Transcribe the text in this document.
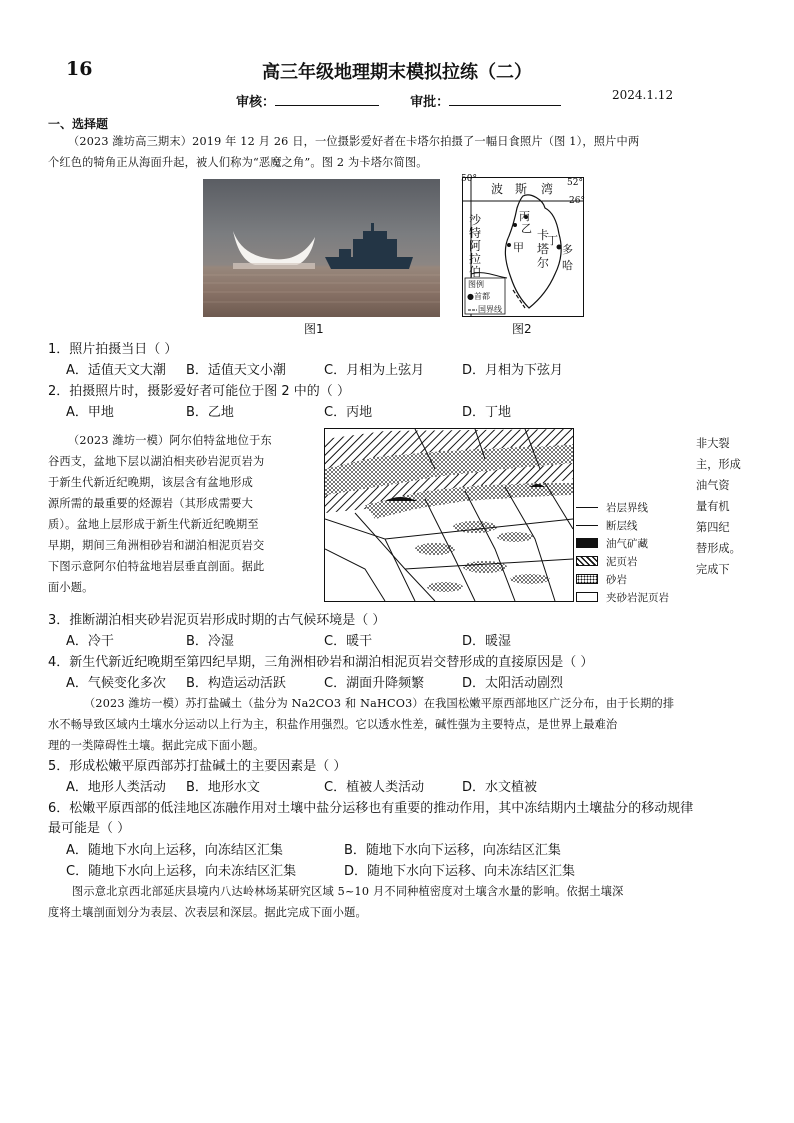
16	高三年级地理期末模拟拉练（二）
审核：	审批：	2024.1.12
一、选择题
（2023 潍坊高三期末）2019 年 12 月 26 日，一位摄影爱好者在卡塔尔拍摄了一幅日食照片（图 1），照片中两
个红色的犄角正从海面升起，被人们称为“恶魔之角”。图 2 为卡塔尔简图。
图1
波 斯 湾
50°	52°
26°
沙
特
阿
拉
伯
卡
塔
尔
丙
乙
甲
丁
多哈
图例
●首都
国界线
图2
1．照片拍摄当日（ ）
A．适值天文大潮 B．适值天文小潮	C．月相为上弦月	D．月相为下弦月
2．拍摄照片时，摄影爱好者可能位于图 2 中的（ ）
A．甲地	B．乙地	C．丙地	D．丁地
（2023 潍坊一模）阿尔伯特盆地位于东
谷西支，盆地下层以湖泊相夹砂岩泥页岩为
于新生代新近纪晚期，该层含有盆地形成
源所需的最重要的烃源岩（其形成需要大
质）。盆地上层形成于新生代新近纪晚期至
早期，期间三角洲相砂岩和湖泊相泥页岩交
下图示意阿尔伯特盆地岩层垂直剖面。据此
面小题。
岩层界线
断层线
油气矿藏
泥页岩
砂岩
夹砂岩泥页岩
非大裂
主，形成
油气资
量有机
第四纪
替形成。
完成下
3．推断湖泊相夹砂岩泥页岩形成时期的古气候环境是（ ）
A．冷干	B．冷湿	C．暖干	D．暖湿
4．新生代新近纪晚期至第四纪早期，三角洲相砂岩和湖泊相泥页岩交替形成的直接原因是（ ）
A．气候变化多次 B．构造运动活跃	C．湖面升降频繁	D．太阳活动剧烈
（2023 潍坊一模）苏打盐碱土（盐分为 Na2CO3 和 NaHCO3）在我国松嫩平原西部地区广泛分布，由于长期的排
水不畅导致区域内土壤水分运动以上行为主，积盐作用强烈。它以透水性差，碱性强为主要特点，是世界上最难治
理的一类障碍性土壤。据此完成下面小题。
5．形成松嫩平原西部苏打盐碱土的主要因素是（ ）
A．地形人类活动 B．地形水文	C．植被人类活动	D．水文植被
6．松嫩平原西部的低洼地区冻融作用对土壤中盐分运移也有重要的推动作用，其中冻结期内土壤盐分的移动规律
最可能是（ ）
A．随地下水向上运移，向冻结区汇集	B．随地下水向下运移，向冻结区汇集
C．随地下水向上运移，向未冻结区汇集	D．随地下水向下运移、向未冻结区汇集
图示意北京西北部延庆县境内八达岭林场某研究区域 5~10 月不同种植密度对土壤含水量的影响。依据土壤深
度将土壤剖面划分为表层、次表层和深层。据此完成下面小题。
